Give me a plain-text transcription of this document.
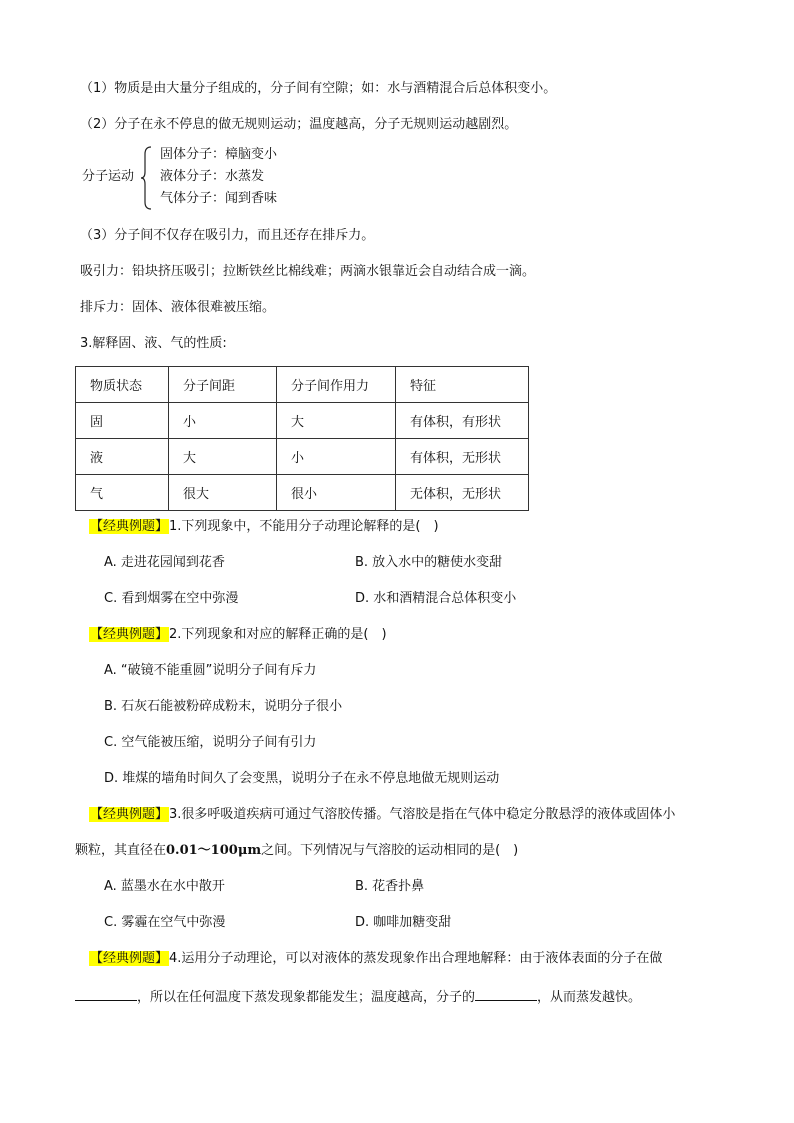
（1）物质是由大量分子组成的，分子间有空隙；如：水与酒精混合后总体积变小。
（2）分子在永不停息的做无规则运动；温度越高，分子无规则运动越剧烈。
分子运动
固体分子：樟脑变小
液体分子：水蒸发
气体分子：闻到香味
（3）分子间不仅存在吸引力，而且还存在排斥力。
吸引力：铅块挤压吸引；拉断铁丝比棉线难；两滴水银靠近会自动结合成一滴。
排斥力：固体、液体很难被压缩。
3.解释固、液、气的性质:
物质状态	分子间距	分子间作用力	特征
固	小	大	有体积，有形状
液	大	小	有体积，无形状
气	很大	很小	无体积，无形状
【经典例题】1.下列现象中，不能用分子动理论解释的是(　)
A. 走进花园闻到花香	B. 放入水中的糖使水变甜
C. 看到烟雾在空中弥漫	D. 水和酒精混合总体积变小
【经典例题】2.下列现象和对应的解释正确的是(　)
A. “破镜不能重圆”说明分子间有斥力
B. 石灰石能被粉碎成粉末，说明分子很小
C. 空气能被压缩，说明分子间有引力
D. 堆煤的墙角时间久了会变黑，说明分子在永不停息地做无规则运动
【经典例题】3.很多呼吸道疾病可通过气溶胶传播。气溶胶是指在气体中稳定分散悬浮的液体或固体小
颗粒，其直径在0.01～100μm之间。下列情况与气溶胶的运动相同的是(　)
A. 蓝墨水在水中散开	B. 花香扑鼻
C. 雾霾在空气中弥漫	D. 咖啡加糖变甜
【经典例题】4.运用分子动理论，可以对液体的蒸发现象作出合理地解释：由于液体表面的分子在做
，所以在任何温度下蒸发现象都能发生；温度越高，分子的	，从而蒸发越快。
